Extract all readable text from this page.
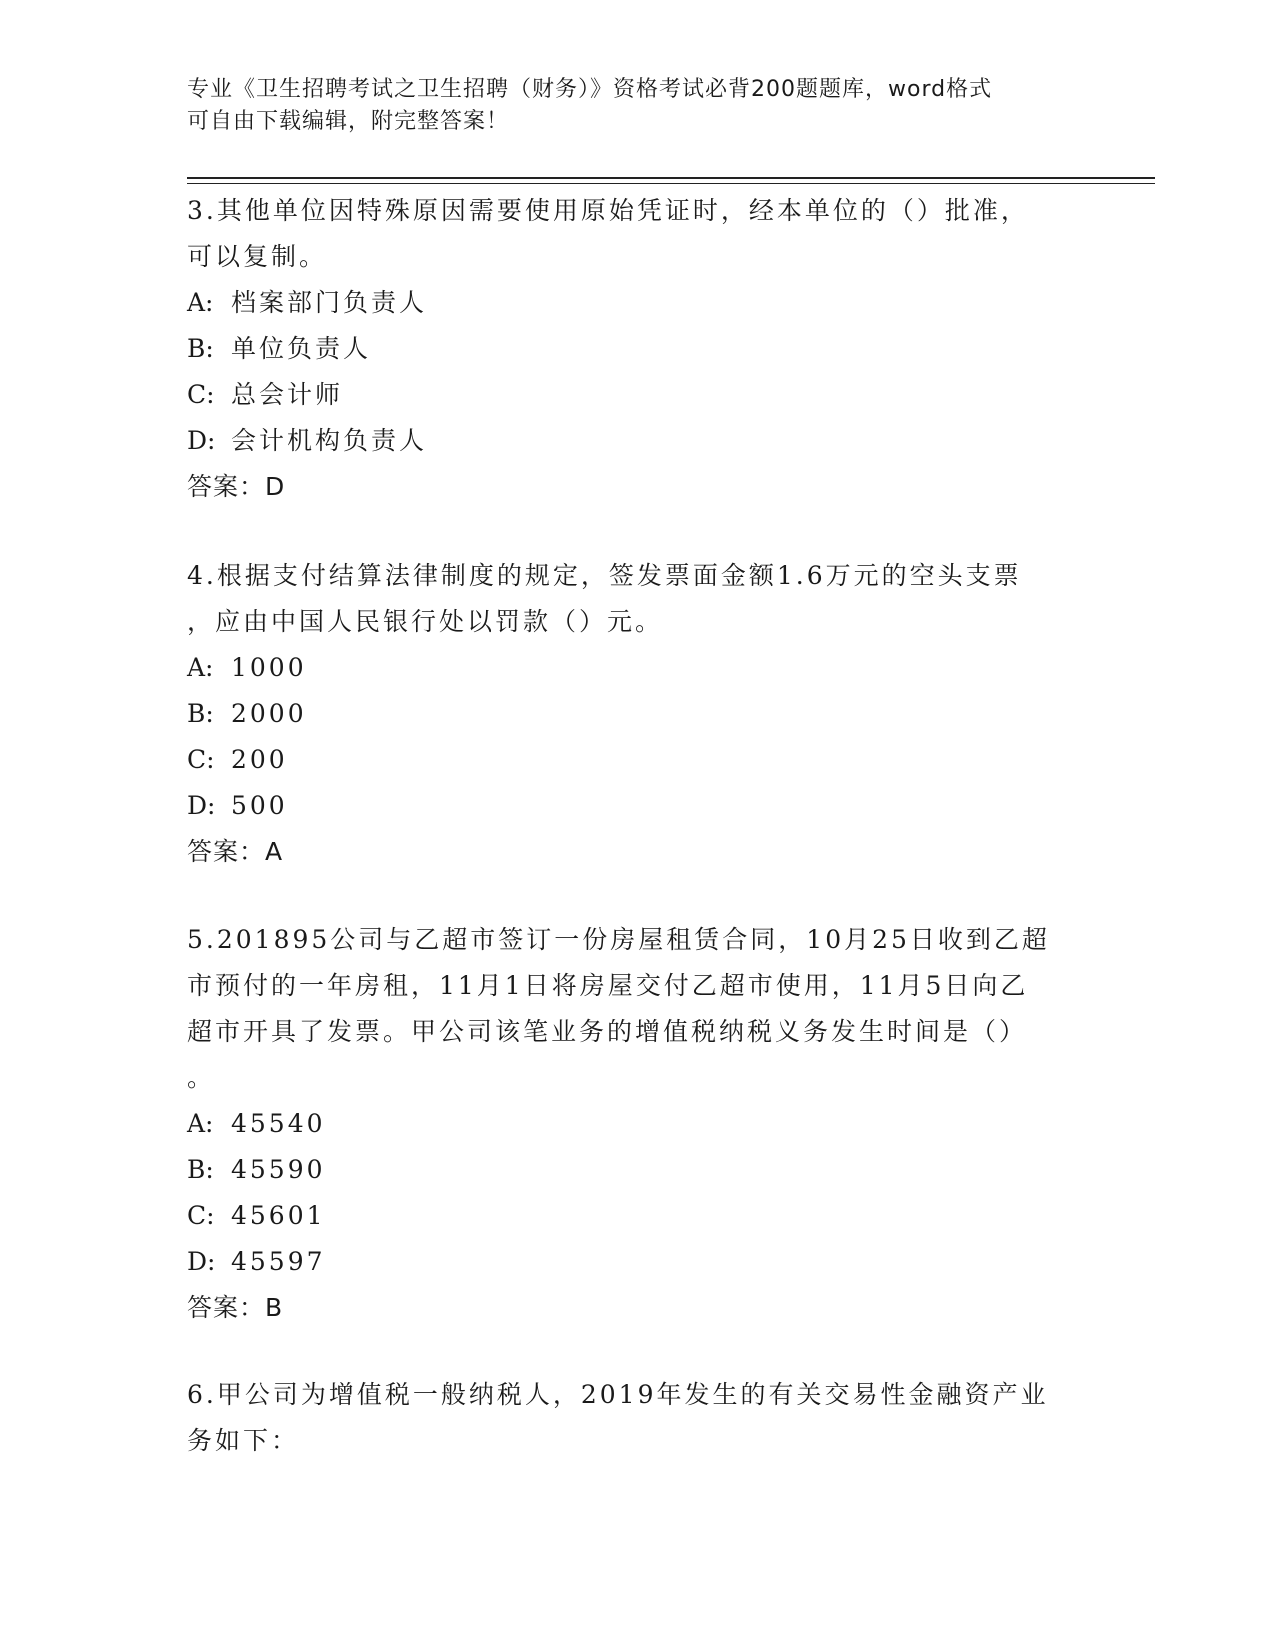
专业《卫生招聘考试之卫生招聘（财务）》资格考试必背200题题库，word格式
可自由下载编辑，附完整答案！
3.其他单位因特殊原因需要使用原始凭证时，经本单位的（）批准，
可以复制。
A: 档案部门负责人
B: 单位负责人
C: 总会计师
D: 会计机构负责人
答案：D
4.根据支付结算法律制度的规定，签发票面金额1.6万元的空头支票
，应由中国人民银行处以罚款（）元。
A: 1000
B: 2000
C: 200
D: 500
答案：A
5.201895公司与乙超市签订一份房屋租赁合同，10月25日收到乙超
市预付的一年房租，11月1日将房屋交付乙超市使用，11月5日向乙
超市开具了发票。甲公司该笔业务的增值税纳税义务发生时间是（）
。
A: 45540
B: 45590
C: 45601
D: 45597
答案：B
6.甲公司为增值税一般纳税人，2019年发生的有关交易性金融资产业
务如下：
